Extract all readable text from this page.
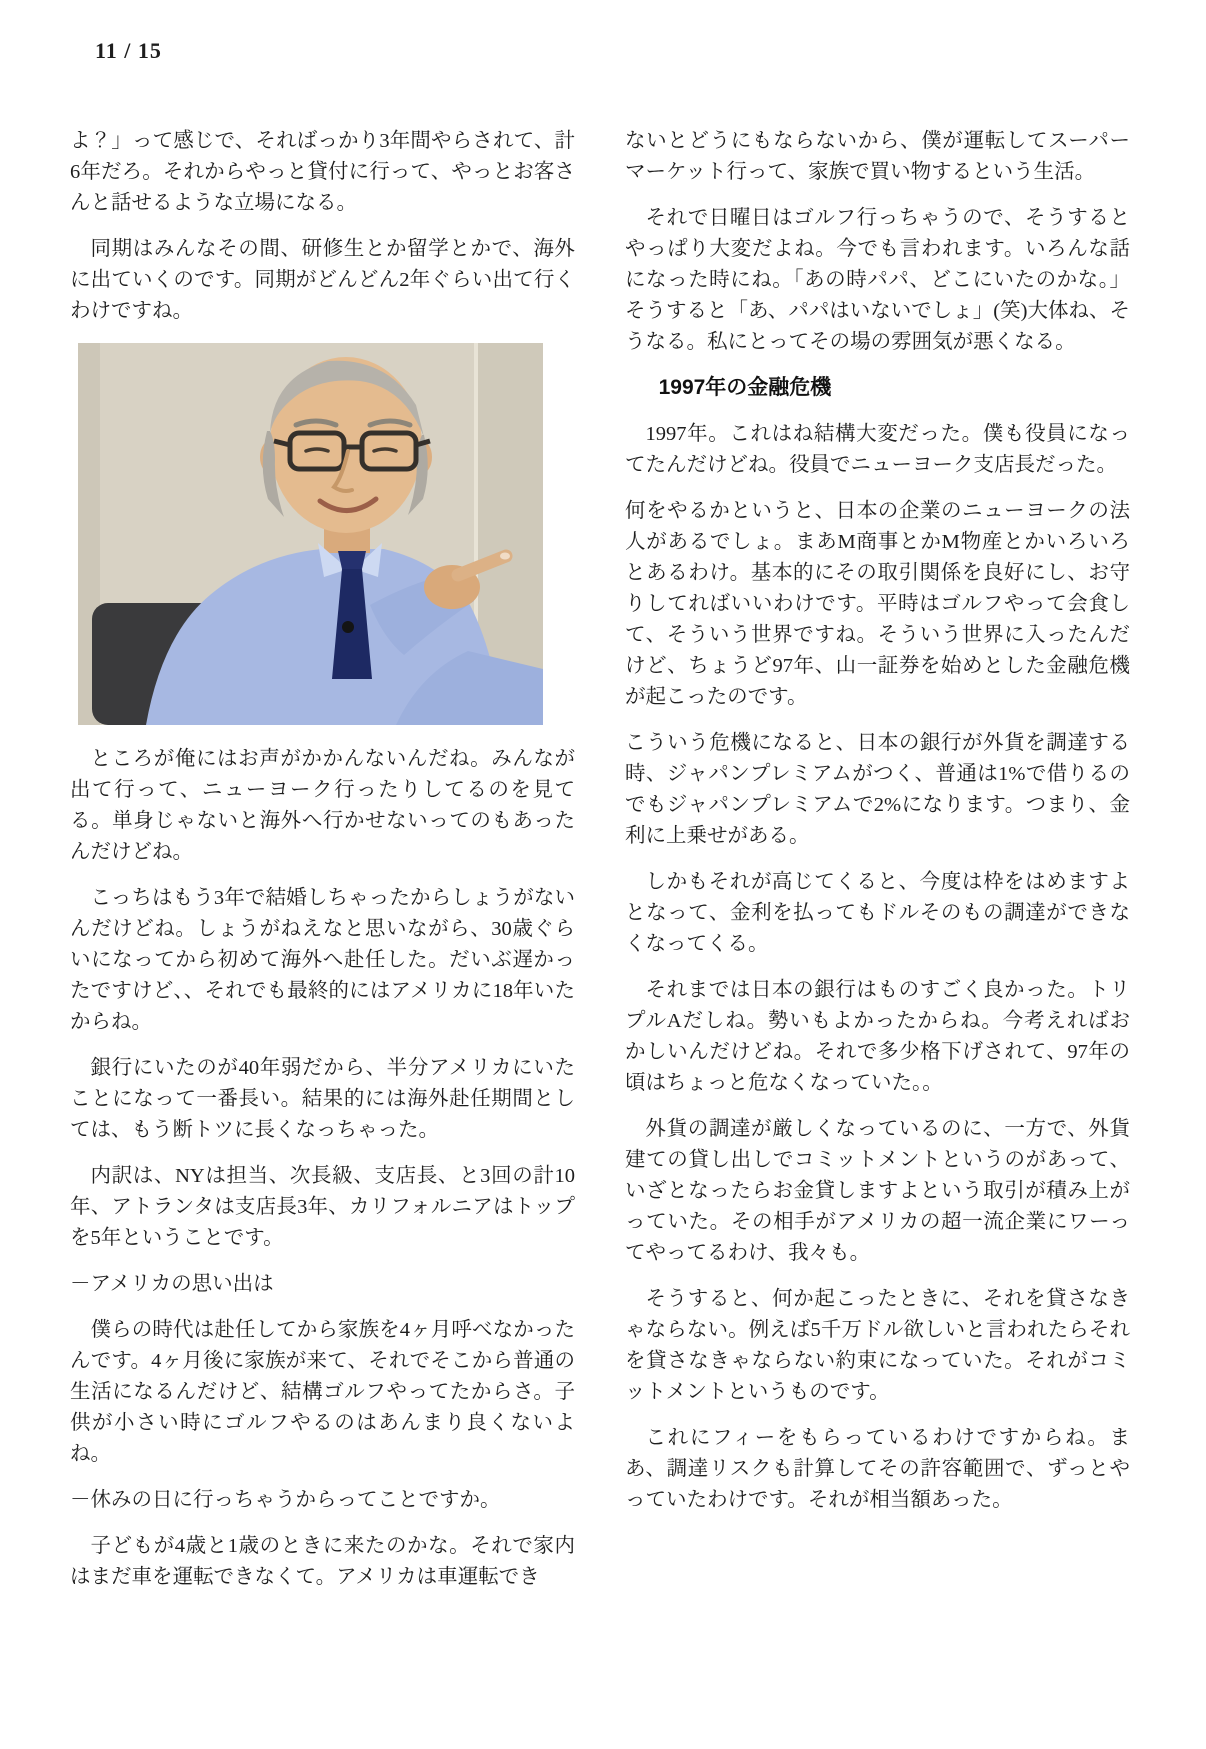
11 / 15

よ？」って感じで、そればっかり3年間やらされて、計6年だろ。それからやっと貸付に行って、やっとお客さんと話せるような立場になる。

同期はみんなその間、研修生とか留学とかで、海外に出ていくのです。同期がどんどん2年ぐらい出て行くわけですね。

ところが俺にはお声がかかんないんだね。みんなが出て行って、ニューヨーク行ったりしてるのを見てる。単身じゃないと海外へ行かせないってのもあったんだけどね。

こっちはもう3年で結婚しちゃったからしょうがないんだけどね。しょうがねえなと思いながら、30歳ぐらいになってから初めて海外へ赴任した。だいぶ遅かったですけど、、それでも最終的にはアメリカに18年いたからね。

銀行にいたのが40年弱だから、半分アメリカにいたことになって一番長い。結果的には海外赴任期間としては、もう断トツに長くなっちゃった。

内訳は、NYは担当、次長級、支店長、と3回の計10年、アトランタは支店長3年、カリフォルニアはトップを5年ということです。

－アメリカの思い出は

僕らの時代は赴任してから家族を4ヶ月呼べなかったんです。4ヶ月後に家族が来て、それでそこから普通の生活になるんだけど、結構ゴルフやってたからさ。子供が小さい時にゴルフやるのはあんまり良くないよね。

－休みの日に行っちゃうからってことですか。

子どもが4歳と1歳のときに来たのかな。それで家内はまだ車を運転できなくて。アメリカは車運転でき

ないとどうにもならないから、僕が運転してスーパーマーケット行って、家族で買い物するという生活。

それで日曜日はゴルフ行っちゃうので、そうするとやっぱり大変だよね。今でも言われます。いろんな話になった時にね。「あの時パパ、どこにいたのかな。」そうすると「あ、パパはいないでしょ」(笑)大体ね、そうなる。私にとってその場の雰囲気が悪くなる。

1997年の金融危機

1997年。これはね結構大変だった。僕も役員になってたんだけどね。役員でニューヨーク支店長だった。

何をやるかというと、日本の企業のニューヨークの法人があるでしょ。まあM商事とかM物産とかいろいろとあるわけ。基本的にその取引関係を良好にし、お守りしてればいいわけです。平時はゴルフやって会食して、そういう世界ですね。そういう世界に入ったんだけど、ちょうど97年、山一証券を始めとした金融危機が起こったのです。

こういう危機になると、日本の銀行が外貨を調達する時、ジャパンプレミアムがつく、普通は1%で借りるのでもジャパンプレミアムで2%になります。つまり、金利に上乗せがある。

しかもそれが高じてくると、今度は枠をはめますよとなって、金利を払ってもドルそのもの調達ができなくなってくる。

それまでは日本の銀行はものすごく良かった。トリプルAだしね。勢いもよかったからね。今考えればおかしいんだけどね。それで多少格下げされて、97年の頃はちょっと危なくなっていた。。

外貨の調達が厳しくなっているのに、一方で、外貨建ての貸し出しでコミットメントというのがあって、いざとなったらお金貸しますよという取引が積み上がっていた。その相手がアメリカの超一流企業にワーってやってるわけ、我々も。

そうすると、何か起こったときに、それを貸さなきゃならない。例えば5千万ドル欲しいと言われたらそれを貸さなきゃならない約束になっていた。それがコミットメントというものです。

これにフィーをもらっているわけですからね。まあ、調達リスクも計算してその許容範囲で、ずっとやっていたわけです。それが相当額あった。
